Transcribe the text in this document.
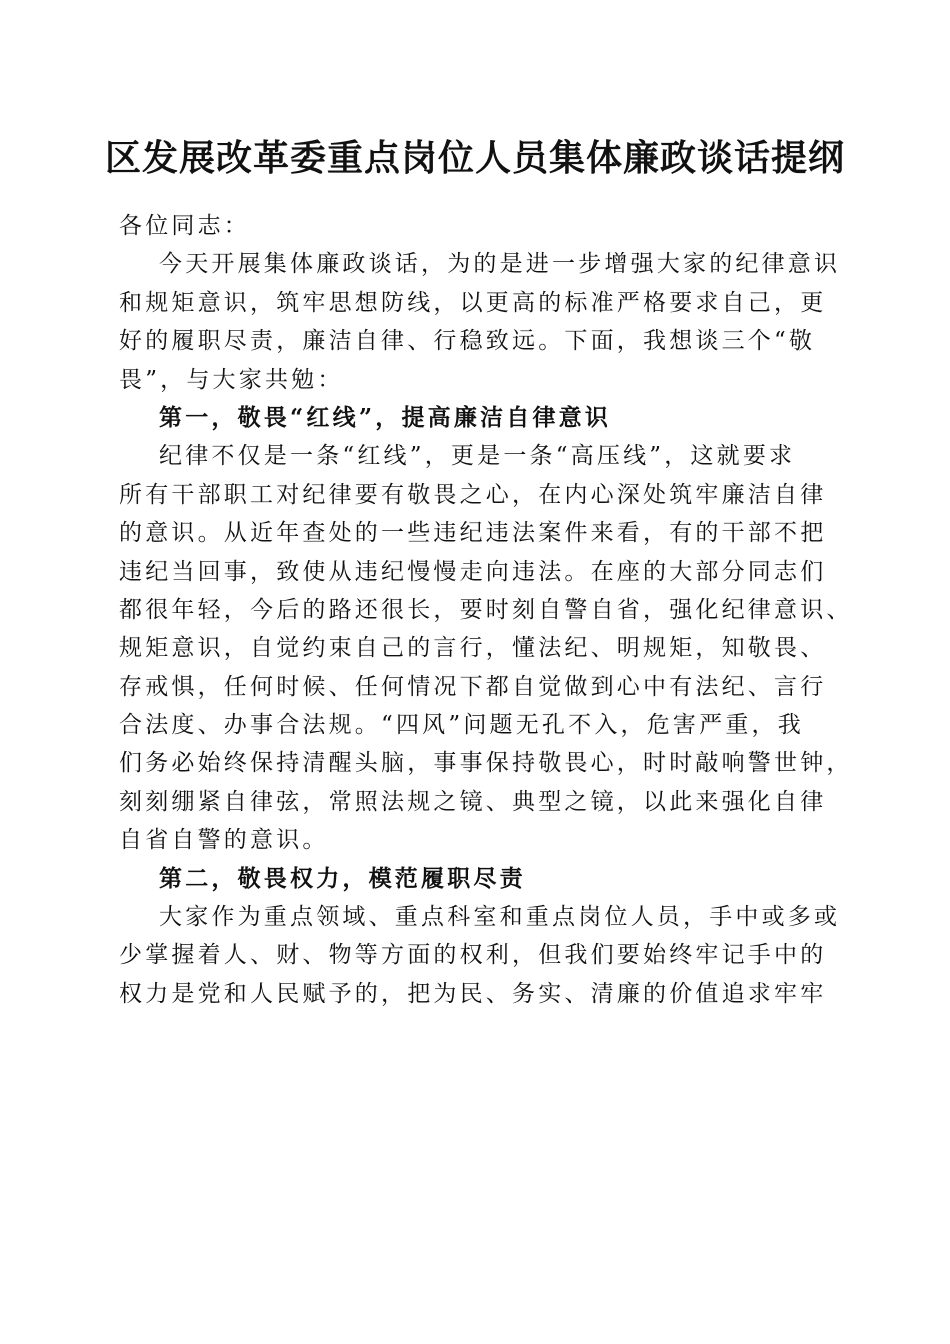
区发展改革委重点岗位人员集体廉政谈话提纲
各位同志：
今天开展集体廉政谈话，为的是进一步增强大家的纪律意识
和规矩意识，筑牢思想防线，以更高的标准严格要求自己，更
好的履职尽责，廉洁自律、行稳致远。下面，我想谈三个“敬
畏”，与大家共勉：
第一，敬畏“红线”，提高廉洁自律意识
纪律不仅是一条“红线”，更是一条“高压线”，这就要求
所有干部职工对纪律要有敬畏之心，在内心深处筑牢廉洁自律
的意识。从近年查处的一些违纪违法案件来看，有的干部不把
违纪当回事，致使从违纪慢慢走向违法。在座的大部分同志们
都很年轻，今后的路还很长，要时刻自警自省，强化纪律意识、
规矩意识，自觉约束自己的言行，懂法纪、明规矩，知敬畏、
存戒惧，任何时候、任何情况下都自觉做到心中有法纪、言行
合法度、办事合法规。“四风”问题无孔不入，危害严重，我
们务必始终保持清醒头脑，事事保持敬畏心，时时敲响警世钟，
刻刻绷紧自律弦，常照法规之镜、典型之镜，以此来强化自律
自省自警的意识。
第二，敬畏权力，模范履职尽责
大家作为重点领域、重点科室和重点岗位人员，手中或多或
少掌握着人、财、物等方面的权利，但我们要始终牢记手中的
权力是党和人民赋予的，把为民、务实、清廉的价值追求牢牢
